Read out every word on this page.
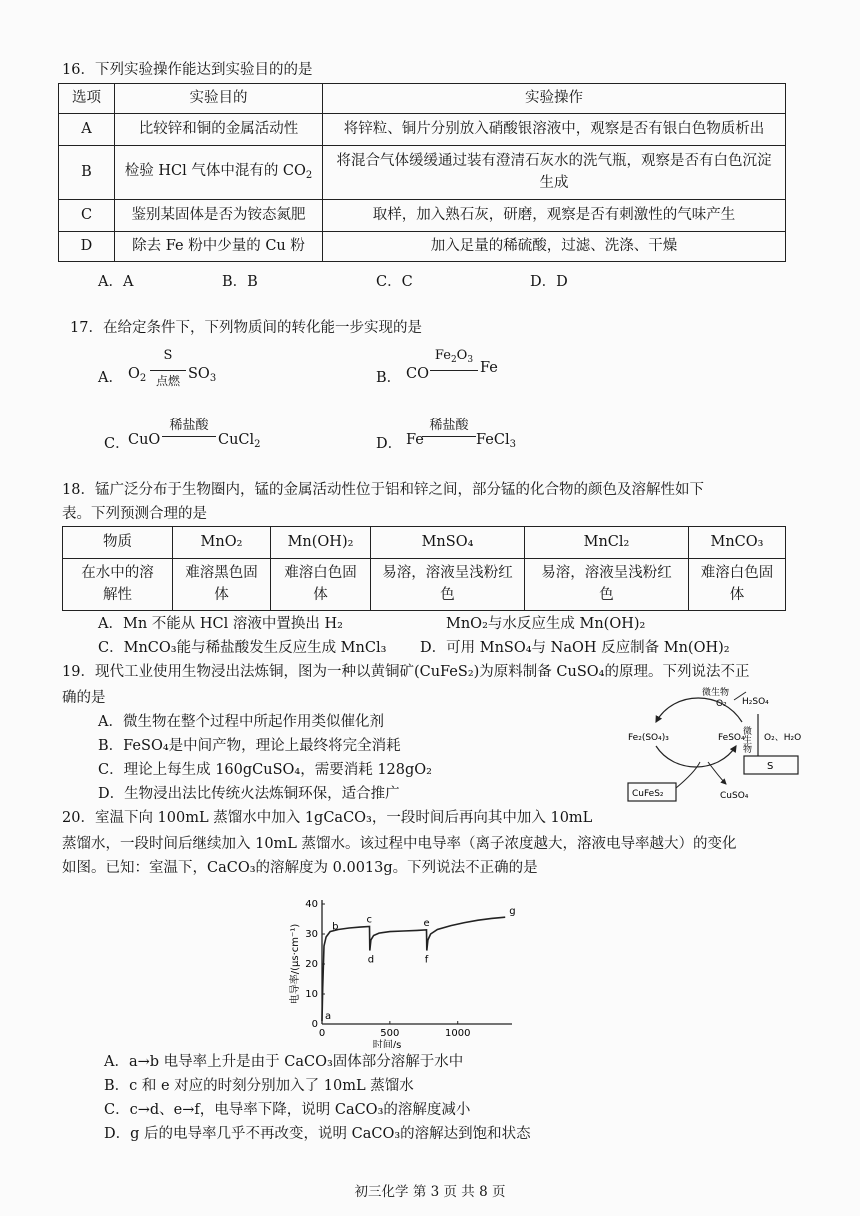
16．下列实验操作能达到实验目的的是
选项	实验目的	实验操作
A	比较锌和铜的金属活动性	将锌粒、铜片分别放入硝酸银溶液中，观察是否有银白色物质析出
B	检验 HCl 气体中混有的 $CO_2$	将混合气体缓缓通过装有澄清石灰水的洗气瓶，观察是否有白色沉淀生成
C	鉴别某固体是否为铵态氮肥	取样，加入熟石灰，研磨，观察是否有刺激性的气味产生
D	除去 Fe 粉中少量的 Cu 粉	加入足量的稀硫酸，过滤、洗涤、干燥
A．A	B．B	C．C	D．D
17．在给定条件下，下列物质间的转化能一步实现的是
A． $O_2$
S
点燃 $SO_3$	B． CO
$Fe_2O_3$ Fe
C．
CuO
稀盐酸
CuCl$_2$	D． Fe
稀盐酸
FeCl$_3$
18．锰广泛分布于生物圈内，锰的金属活动性位于铝和锌之间，部分锰的化合物的颜色及溶解性如下
表。下列预测合理的是
物质	MnO₂	Mn(OH)₂	MnSO₄	MnCl₂	MnCO₃
在水中的溶解性	难溶黑色固体	难溶白色固体	易溶，溶液呈浅粉红色	易溶，溶液呈浅粉红色	难溶白色固体
A．Mn 不能从 HCl 溶液中置换出 H₂	MnO₂与水反应生成 Mn(OH)₂
C．MnCO₃能与稀盐酸发生反应生成 MnCl₃ D．可用 MnSO₄与 NaOH 反应制备 Mn(OH)₂
19．现代工业使用生物浸出法炼铜，图为一种以黄铜矿(CuFeS₂)为原料制备 CuSO₄的原理。下列说法不正
确的是
A．微生物在整个过程中所起作用类似催化剂
B．FeSO₄是中间产物，理论上最终将完全消耗
C．理论上每生成 160gCuSO₄，需要消耗 128gO₂
D．生物浸出法比传统火法炼铜环保，适合推广
微生物
O₂ H₂SO₄
Fe₂(SO₄)₃	FeSO₄
微生物 O₂、H₂O
S
CuFeS₂	CuSO₄
20．室温下向 100mL 蒸馏水中加入 1gCaCO₃，一段时间后再向其中加入 10mL
蒸馏水，一段时间后继续加入 10mL 蒸馏水。该过程中电导率（离子浓度越大，溶液电导率越大）的变化
如图。已知：室温下，CaCO₃的溶解度为 0.0013g。下列说法不正确的是
0
10
20
30
40
0	500	1000
a
b
c
d
e
f
g
时间/s
电导率/(μs·cm⁻¹)
A．a→b 电导率上升是由于 CaCO₃固体部分溶解于水中
B．c 和 e 对应的时刻分别加入了 10mL 蒸馏水
C．c→d、e→f，电导率下降，说明 CaCO₃的溶解度减小
D．g 后的电导率几乎不再改变，说明 CaCO₃的溶解达到饱和状态
初三化学 第 3 页 共 8 页
